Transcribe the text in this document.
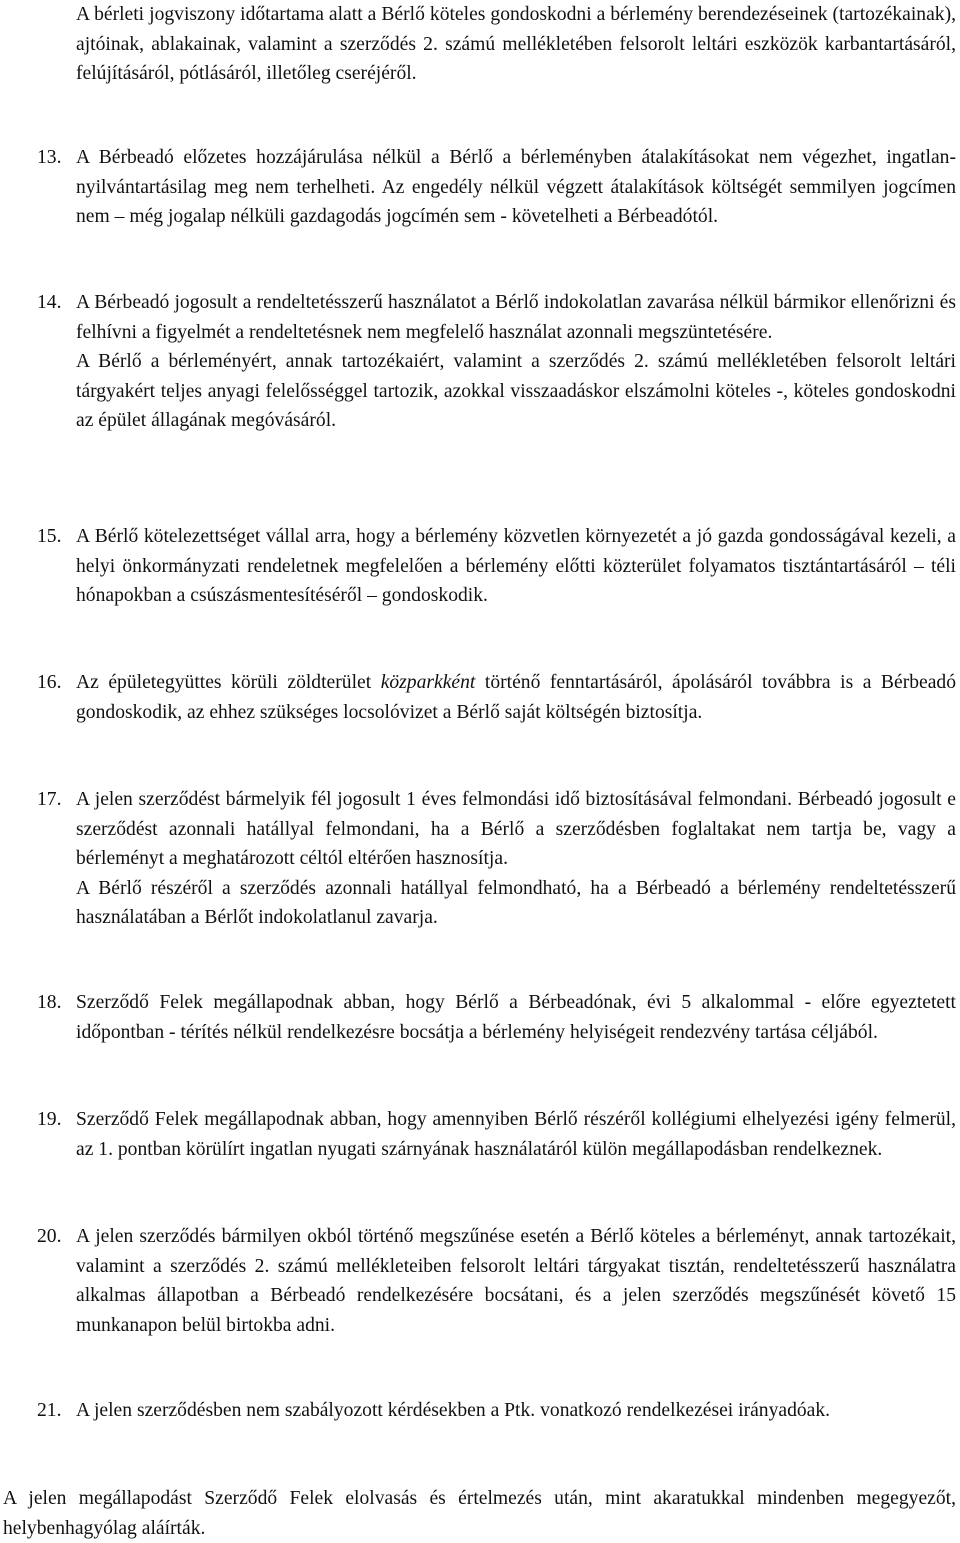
A bérleti jogviszony időtartama alatt a Bérlő köteles gondoskodni a bérlemény berendezéseinek (tartozékainak), ajtóinak, ablakainak, valamint a szerződés 2. számú mellékletében felsorolt leltári eszközök karbantartásáról, felújításáról, pótlásáról, illetőleg cseréjéről.

13. A Bérbeadó előzetes hozzájárulása nélkül a Bérlő a bérleményben átalakításokat nem végezhet, ingatlan-nyilvántartásilag meg nem terhelheti. Az engedély nélkül végzett átalakítások költségét semmilyen jogcímen nem – még jogalap nélküli gazdagodás jogcímén sem - követelheti a Bérbeadótól.

14. A Bérbeadó jogosult a rendeltetésszerű használatot a Bérlő indokolatlan zavarása nélkül bármikor ellenőrizni és felhívni a figyelmét a rendeltetésnek nem megfelelő használat azonnali megszüntetésére.

A Bérlő a bérleményért, annak tartozékaiért, valamint a szerződés 2. számú mellékletében felsorolt leltári tárgyakért teljes anyagi felelősséggel tartozik, azokkal visszaadáskor elszámolni köteles -, köteles gondoskodni az épület állagának megóvásáról.

15. A Bérlő kötelezettséget vállal arra, hogy a bérlemény közvetlen környezetét a jó gazda gondosságával kezeli, a helyi önkormányzati rendeletnek megfelelően a bérlemény előtti közterület folyamatos tisztántartásáról – téli hónapokban a csúszásmentesítéséről – gondoskodik.

16. Az épületegyüttes körüli zöldterület közparkként történő fenntartásáról, ápolásáról továbbra is a Bérbeadó gondoskodik, az ehhez szükséges locsolóvizet a Bérlő saját költségén biztosítja.

17. A jelen szerződést bármelyik fél jogosult 1 éves felmondási idő biztosításával felmondani. Bérbeadó jogosult e szerződést azonnali hatállyal felmondani, ha a Bérlő a szerződésben foglaltakat nem tartja be, vagy a bérleményt a meghatározott céltól eltérően hasznosítja.

A Bérlő részéről a szerződés azonnali hatállyal felmondható, ha a Bérbeadó a bérlemény rendeltetésszerű használatában a Bérlőt indokolatlanul zavarja.

18. Szerződő Felek megállapodnak abban, hogy Bérlő a Bérbeadónak, évi 5 alkalommal - előre egyeztetett időpontban - térítés nélkül rendelkezésre bocsátja a bérlemény helyiségeit rendezvény tartása céljából.

19. Szerződő Felek megállapodnak abban, hogy amennyiben Bérlő részéről kollégiumi elhelyezési igény felmerül, az 1. pontban körülírt ingatlan nyugati szárnyának használatáról külön megállapodásban rendelkeznek.

20. A jelen szerződés bármilyen okból történő megszűnése esetén a Bérlő köteles a bérleményt, annak tartozékait, valamint a szerződés 2. számú mellékleteiben felsorolt leltári tárgyakat tisztán, rendeltetésszerű használatra alkalmas állapotban a Bérbeadó rendelkezésére bocsátani, és a jelen szerződés megszűnését követő 15 munkanapon belül birtokba adni.

21. A jelen szerződésben nem szabályozott kérdésekben a Ptk. vonatkozó rendelkezései irányadóak.

A jelen megállapodást Szerződő Felek elolvasás és értelmezés után, mint akaratukkal mindenben megegyezőt, helybenhagyólag aláírták.
